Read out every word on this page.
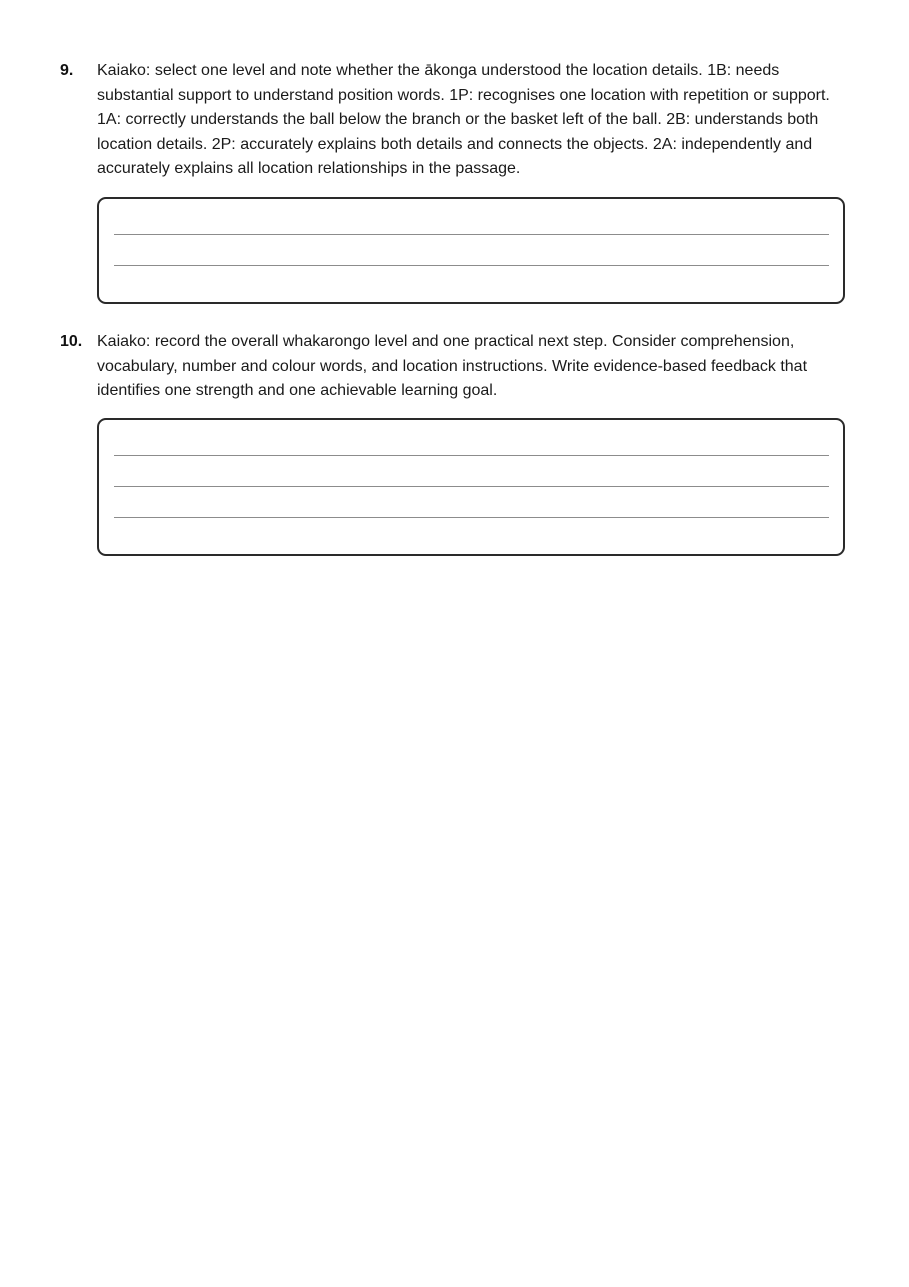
9.	Kaiako: select one level and note whether the ākonga understood the location details. 1B: needs substantial support to understand position words. 1P: recognises one location with repetition or support. 1A: correctly understands the ball below the branch or the basket left of the ball. 2B: understands both location details. 2P: accurately explains both details and connects the objects. 2A: independently and accurately explains all location relationships in the passage.
10. Kaiako: record the overall whakarongo level and one practical next step. Consider comprehension, vocabulary, number and colour words, and location instructions. Write evidence-based feedback that identifies one strength and one achievable learning goal.
